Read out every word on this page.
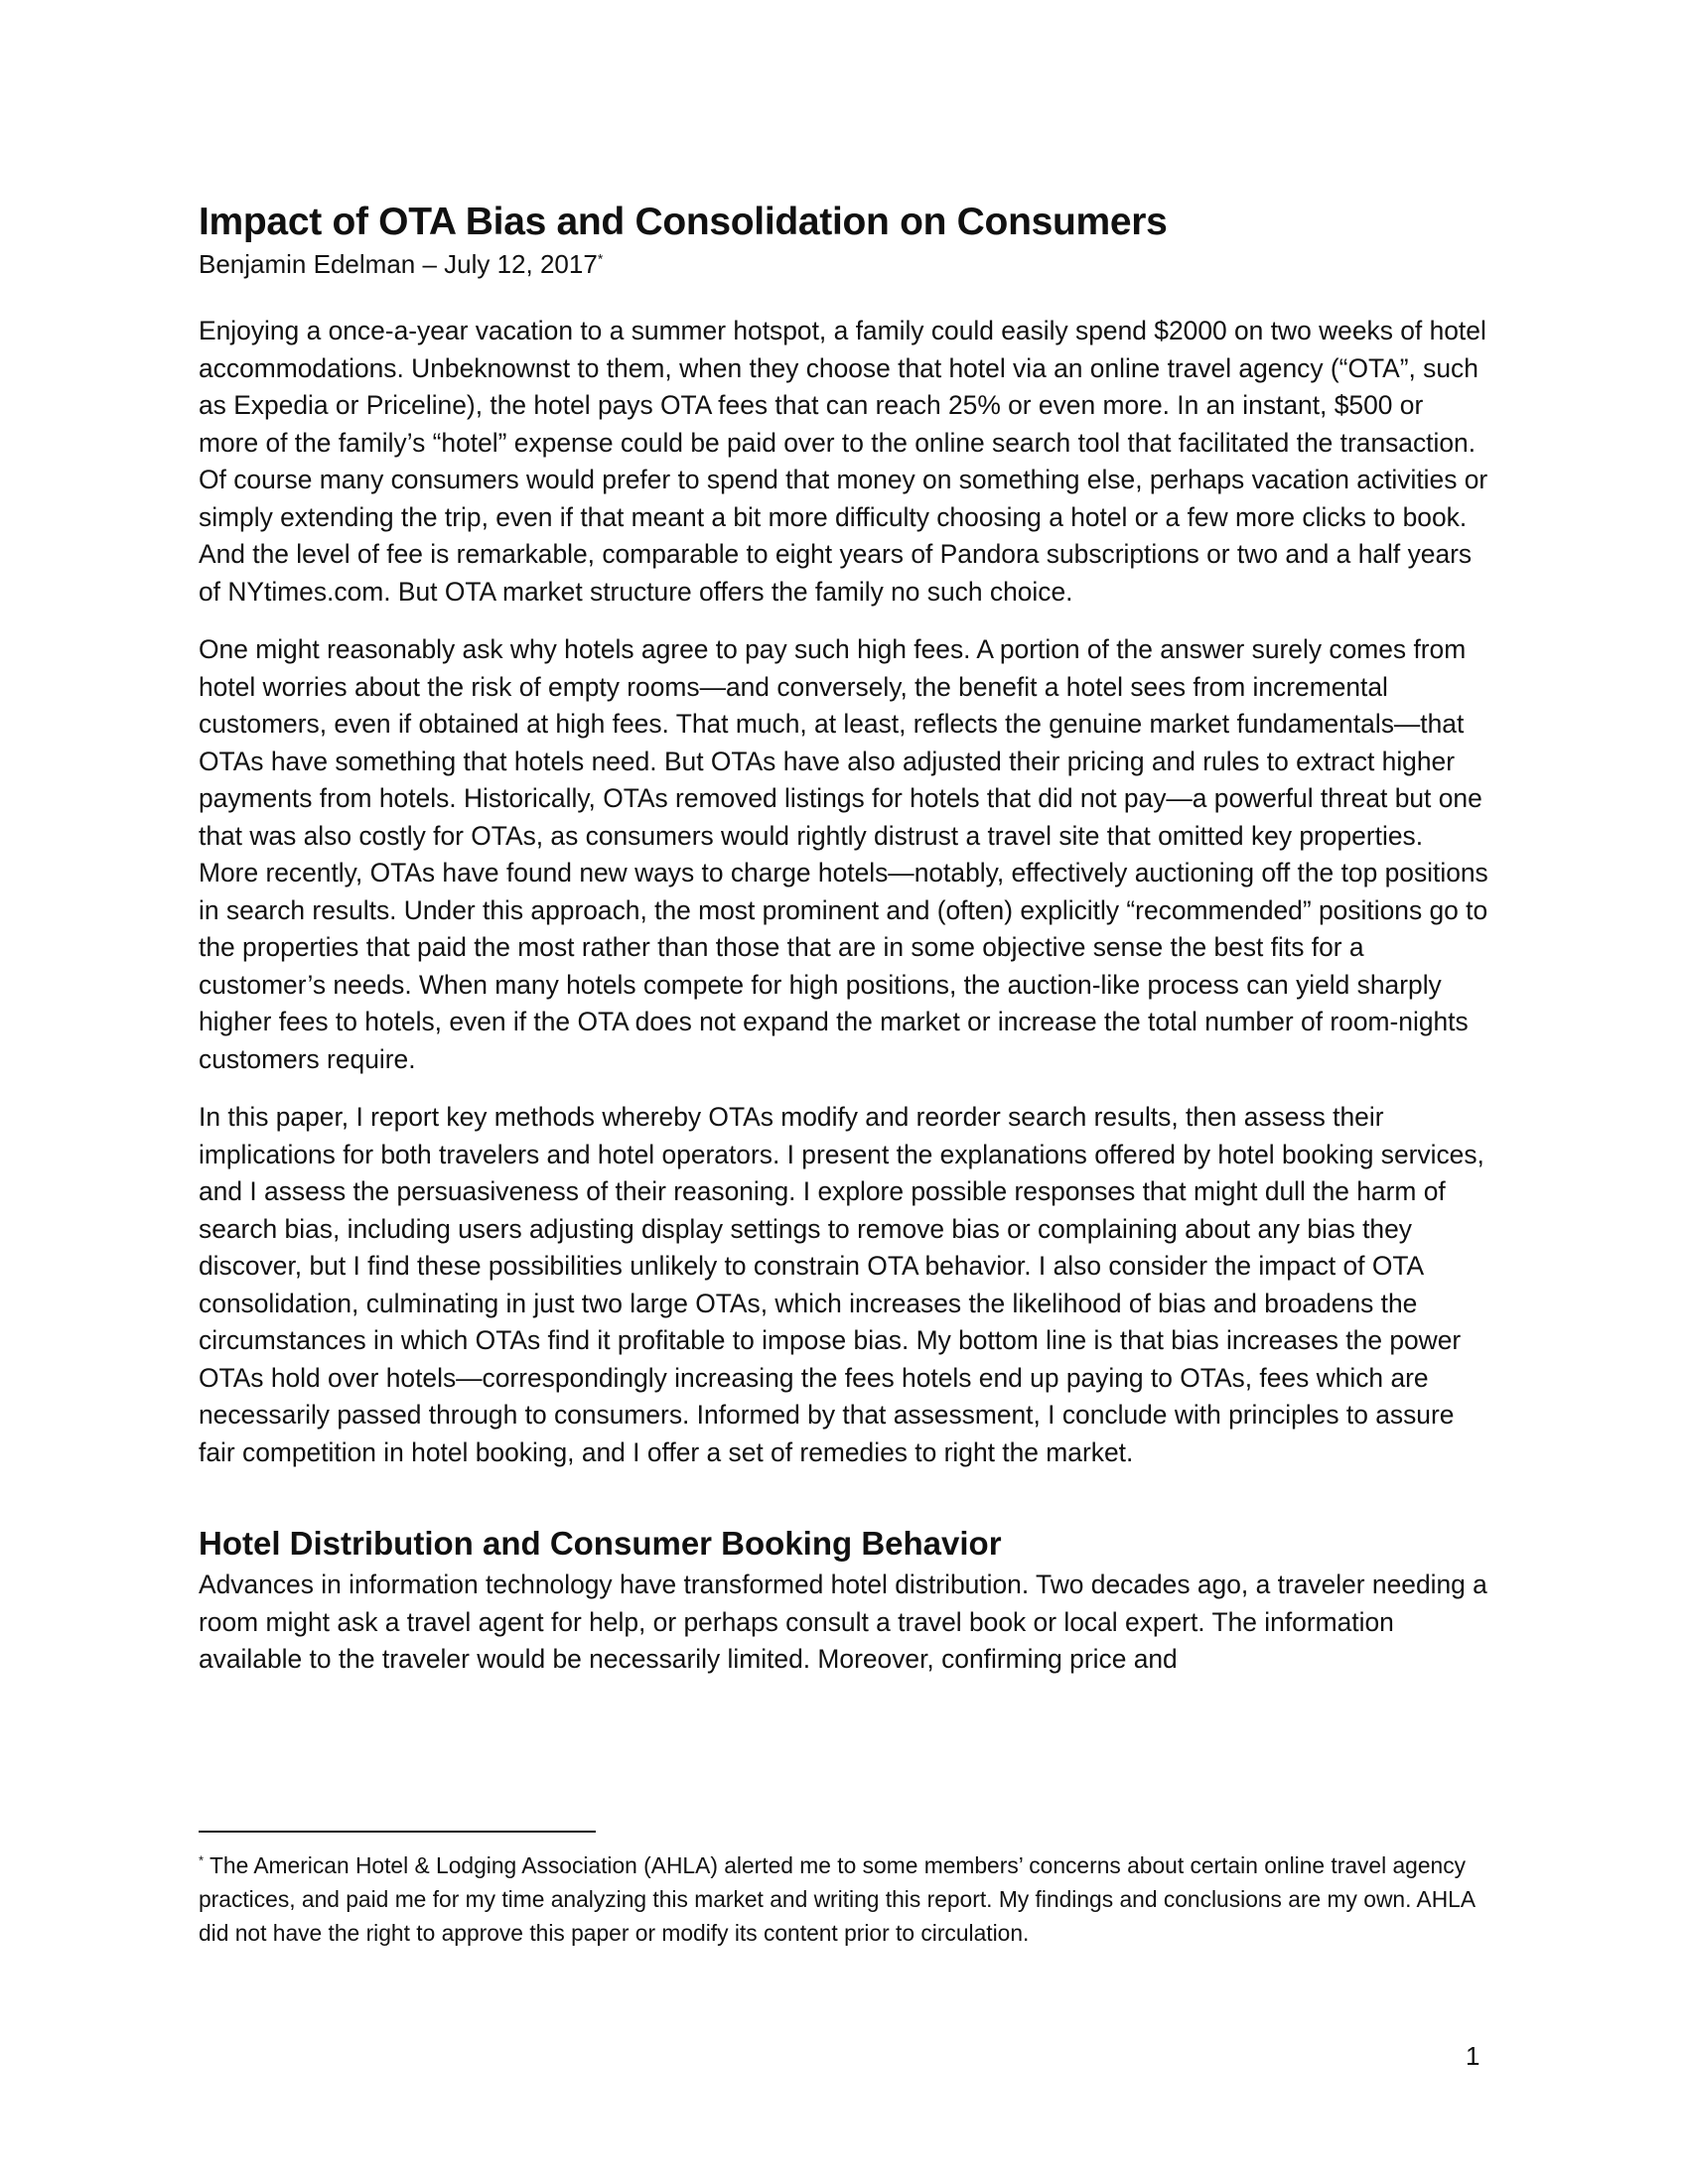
Impact of OTA Bias and Consolidation on Consumers

Benjamin Edelman – July 12, 2017*

Enjoying a once-a-year vacation to a summer hotspot, a family could easily spend $2000 on two weeks of hotel accommodations. Unbeknownst to them, when they choose that hotel via an online travel agency (“OTA”, such as Expedia or Priceline), the hotel pays OTA fees that can reach 25% or even more. In an instant, $500 or more of the family’s “hotel” expense could be paid over to the online search tool that facilitated the transaction. Of course many consumers would prefer to spend that money on something else, perhaps vacation activities or simply extending the trip, even if that meant a bit more difficulty choosing a hotel or a few more clicks to book. And the level of fee is remarkable, comparable to eight years of Pandora subscriptions or two and a half years of NYtimes.com. But OTA market structure offers the family no such choice.

One might reasonably ask why hotels agree to pay such high fees. A portion of the answer surely comes from hotel worries about the risk of empty rooms—and conversely, the benefit a hotel sees from incremental customers, even if obtained at high fees. That much, at least, reflects the genuine market fundamentals—that OTAs have something that hotels need. But OTAs have also adjusted their pricing and rules to extract higher payments from hotels. Historically, OTAs removed listings for hotels that did not pay—a powerful threat but one that was also costly for OTAs, as consumers would rightly distrust a travel site that omitted key properties. More recently, OTAs have found new ways to charge hotels—notably, effectively auctioning off the top positions in search results. Under this approach, the most prominent and (often) explicitly “recommended” positions go to the properties that paid the most rather than those that are in some objective sense the best fits for a customer’s needs. When many hotels compete for high positions, the auction-like process can yield sharply higher fees to hotels, even if the OTA does not expand the market or increase the total number of room-nights customers require.

In this paper, I report key methods whereby OTAs modify and reorder search results, then assess their implications for both travelers and hotel operators. I present the explanations offered by hotel booking services, and I assess the persuasiveness of their reasoning. I explore possible responses that might dull the harm of search bias, including users adjusting display settings to remove bias or complaining about any bias they discover, but I find these possibilities unlikely to constrain OTA behavior. I also consider the impact of OTA consolidation, culminating in just two large OTAs, which increases the likelihood of bias and broadens the circumstances in which OTAs find it profitable to impose bias. My bottom line is that bias increases the power OTAs hold over hotels—correspondingly increasing the fees hotels end up paying to OTAs, fees which are necessarily passed through to consumers. Informed by that assessment, I conclude with principles to assure fair competition in hotel booking, and I offer a set of remedies to right the market.

Hotel Distribution and Consumer Booking Behavior

Advances in information technology have transformed hotel distribution. Two decades ago, a traveler needing a room might ask a travel agent for help, or perhaps consult a travel book or local expert. The information available to the traveler would be necessarily limited. Moreover, confirming price and

* The American Hotel & Lodging Association (AHLA) alerted me to some members’ concerns about certain online travel agency practices, and paid me for my time analyzing this market and writing this report. My findings and conclusions are my own. AHLA did not have the right to approve this paper or modify its content prior to circulation.

1
